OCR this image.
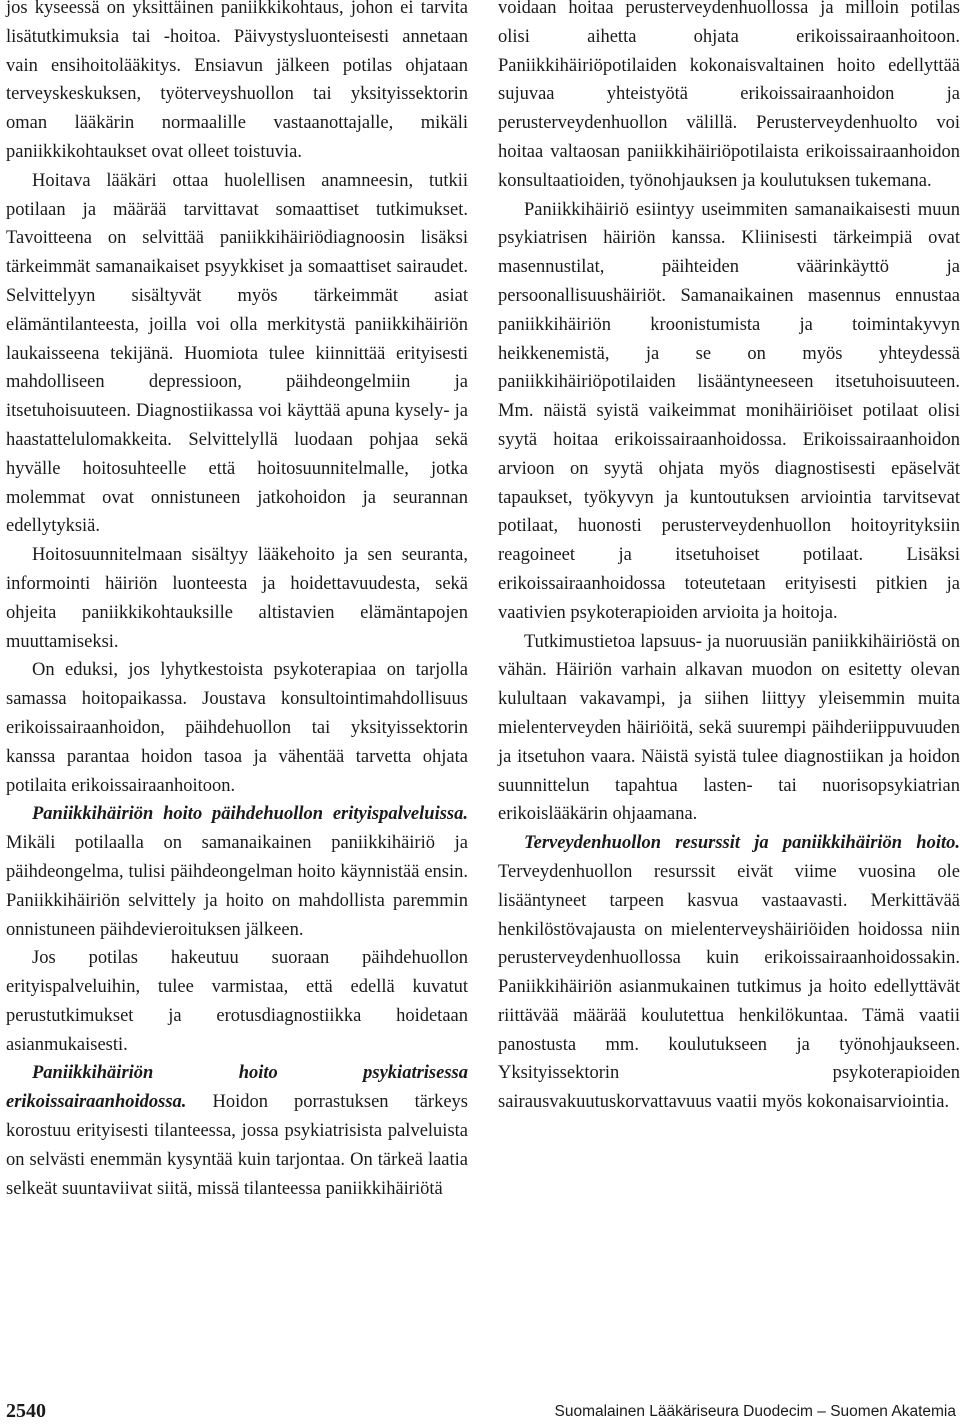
jos kyseessä on yksittäinen paniikkikohtaus, johon ei tarvita lisätutkimuksia tai -hoitoa. Päivystysluonteisesti annetaan vain ensihoitolääkitys. Ensiavun jälkeen potilas ohjataan terveyskeskuksen, työterveyshuollon tai yksityissektorin oman lääkärin normaalille vastaanottajalle, mikäli paniikkikohtaukset ovat olleet toistuvia.

Hoitava lääkäri ottaa huolellisen anamneesin, tutkii potilaan ja määrää tarvittavat somaattiset tutkimukset. Tavoitteena on selvittää paniikkihäiriödiagnoosin lisäksi tärkeimmät samanaikaiset psyykkiset ja somaattiset sairaudet. Selvittelyyn sisältyvät myös tärkeimmät asiat elämäntilanteesta, joilla voi olla merkitystä paniikkihäiriön laukaisseena tekijänä. Huomiota tulee kiinnittää erityisesti mahdolliseen depressioon, päihdeongelmiin ja itsetuhoisuuteen. Diagnostiikassa voi käyttää apuna kysely- ja haastattelulomakkeita. Selvittelyllä luodaan pohjaa sekä hyvälle hoitosuhteelle että hoitosuunnitelmalle, jotka molemmat ovat onnistuneen jatkohoidon ja seurannan edellytyksiä.

Hoitosuunnitelmaan sisältyy lääkehoito ja sen seuranta, informointi häiriön luonteesta ja hoidettavuudesta, sekä ohjeita paniikkikohtauksille altistavien elämäntapojen muuttamiseksi.

On eduksi, jos lyhytkestoista psykoterapiaa on tarjolla samassa hoitopaikassa. Joustava konsultointimahdollisuus erikoissairaanhoidon, päihdehuollon tai yksityissektorin kanssa parantaa hoidon tasoa ja vähentää tarvetta ohjata potilaita erikoissairaanhoitoon.

Paniikkihäiriön hoito päihdehuollon erityispalveluissa. Mikäli potilaalla on samanaikainen paniikkihäiriö ja päihdeongelma, tulisi päihdeongelman hoito käynnistää ensin. Paniikkihäiriön selvittely ja hoito on mahdollista paremmin onnistuneen päihdevieroituksen jälkeen.

Jos potilas hakeutuu suoraan päihdehuollon erityispalveluihin, tulee varmistaa, että edellä kuvatut perustutkimukset ja erotusdiagnostiikka hoidetaan asianmukaisesti.

Paniikkihäiriön hoito psykiatrisessa erikoissairaanhoidossa. Hoidon porrastuksen tärkeys korostuu erityisesti tilanteessa, jossa psykiatrisista palveluista on selvästi enemmän kysyntää kuin tarjontaa. On tärkeä laatia selkeät suuntaviivat siitä, missä tilanteessa paniikkihäiriötä

voidaan hoitaa perusterveydenhuollossa ja milloin potilas olisi aihetta ohjata erikoissairaanhoitoon. Paniikkihäiriöpotilaiden kokonaisvaltainen hoito edellyttää sujuvaa yhteistyötä erikoissairaanhoidon ja perusterveydenhuollon välillä. Perusterveydenhuolto voi hoitaa valtaosan paniikkihäiriöpotilaista erikoissairaanhoidon konsultaatioiden, työnohjauksen ja koulutuksen tukemana.

Paniikkihäiriö esiintyy useimmiten samanaikaisesti muun psykiatrisen häiriön kanssa. Kliinisesti tärkeimpiä ovat masennustilat, päihteiden väärinkäyttö ja persoonallisuushäiriöt. Samanaikainen masennus ennustaa paniikkihäiriön kroonistumista ja toimintakyvyn heikkenemistä, ja se on myös yhteydessä paniikkihäiriöpotilaiden lisääntyneeseen itsetuhoisuuteen. Mm. näistä syistä vaikeimmat monihäiriöiset potilaat olisi syytä hoitaa erikoissairaanhoidossa. Erikoissairaanhoidon arvioon on syytä ohjata myös diagnostisesti epäselvät tapaukset, työkyvyn ja kuntoutuksen arviointia tarvitsevat potilaat, huonosti perusterveydenhuollon hoitoyrityksiin reagoineet ja itsetuhoiset potilaat. Lisäksi erikoissairaanhoidossa toteutetaan erityisesti pitkien ja vaativien psykoterapioiden arvioita ja hoitoja.

Tutkimustietoa lapsuus- ja nuoruusiän paniikkihäiriöstä on vähän. Häiriön varhain alkavan muodon on esitetty olevan kulultaan vakavampi, ja siihen liittyy yleisemmin muita mielenterveyden häiriöitä, sekä suurempi päihderiippuvuuden ja itsetuhon vaara. Näistä syistä tulee diagnostiikan ja hoidon suunnittelun tapahtua lasten- tai nuorisopsykiatrian erikoislääkärin ohjaamana.

Terveydenhuollon resurssit ja paniikkihäiriön hoito. Terveydenhuollon resurssit eivät viime vuosina ole lisääntyneet tarpeen kasvua vastaavasti. Merkittävää henkilöstövajausta on mielenterveyshäiriöiden hoidossa niin perusterveydenhuollossa kuin erikoissairaanhoidossakin. Paniikkihäiriön asianmukainen tutkimus ja hoito edellyttävät riittävää määrää koulutettua henkilökuntaa. Tämä vaatii panostusta mm. koulutukseen ja työnohjaukseen. Yksityissektorin psykoterapioiden sairausvakuutuskorvattavuus vaatii myös kokonaisarviointia.

2540	Suomalainen Lääkäriseura Duodecim – Suomen Akatemia
